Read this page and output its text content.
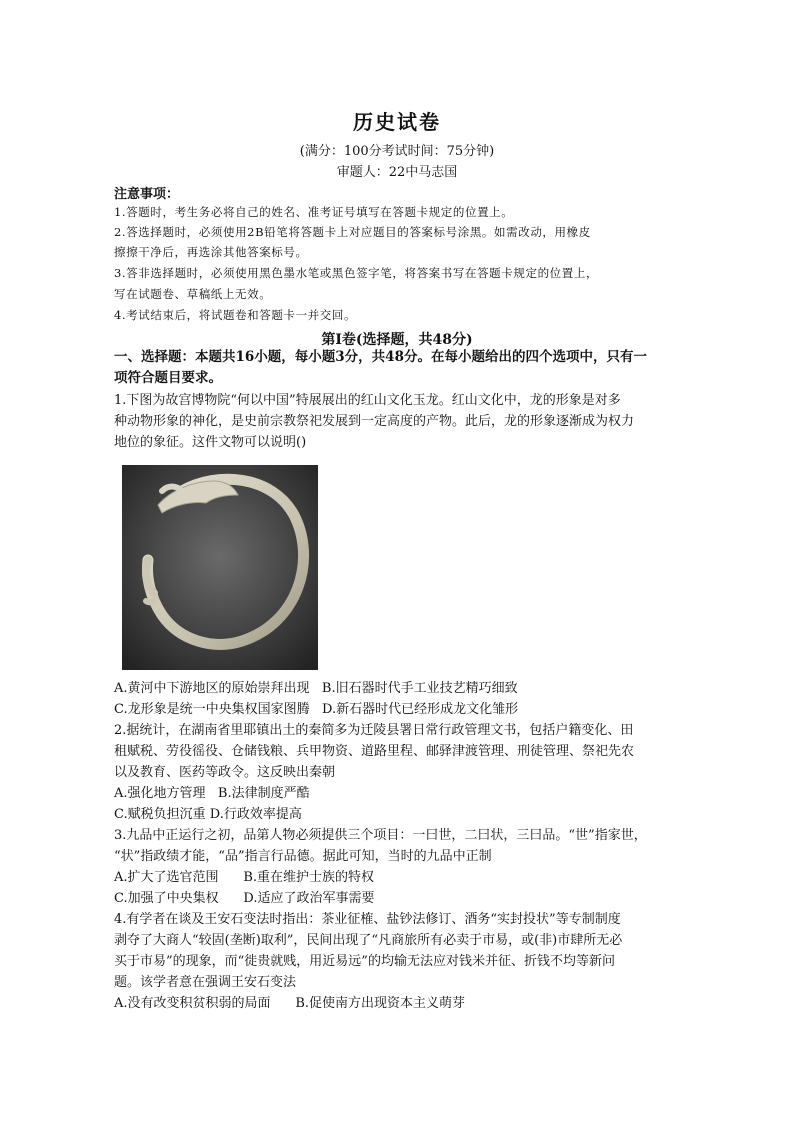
历史试卷
(满分：100分考试时间：75分钟)
审题人：22中马志国
注意事项：
1.答题时，考生务必将自己的姓名、准考证号填写在答题卡规定的位置上。
2.答选择题时，必须使用2B铅笔将答题卡上对应题目的答案标号涂黑。如需改动，用橡皮
擦擦干净后，再选涂其他答案标号。
3.答非选择题时，必须使用黑色墨水笔或黑色签字笔，将答案书写在答题卡规定的位置上，
写在试题卷、草稿纸上无效。
4.考试结束后，将试题卷和答题卡一并交回。
第Ⅰ卷(选择题，共48分)
一、选择题：本题共16小题，每小题3分，共48分。在每小题给出的四个选项中，只有一
项符合题目要求。
1.下图为故宫博物院“何以中国”特展展出的红山文化玉龙。红山文化中，龙的形象是对多
种动物形象的神化，是史前宗教祭祀发展到一定高度的产物。此后，龙的形象逐渐成为权力
地位的象征。这件文物可以说明()
A.黄河中下游地区的原始崇拜出现   B.旧石器时代手工业技艺精巧细致
C.龙形象是统一中央集权国家图腾   D.新石器时代已经形成龙文化雏形
2.据统计，在湖南省里耶镇出土的秦简多为迁陵县署日常行政管理文书，包括户籍变化、田
租赋税、劳役徭役、仓储钱粮、兵甲物资、道路里程、邮驿津渡管理、刑徒管理、祭祀先农
以及教育、医药等政令。这反映出秦朝
A.强化地方管理   B.法律制度严酷
C.赋税负担沉重 D.行政效率提高
3.九品中正运行之初，品第人物必须提供三个项目：一曰世，二曰状，三曰品。“世”指家世，
“状”指政绩才能，“品”指言行品德。据此可知，当时的九品中正制
A.扩大了选官范围      B.重在维护士族的特权
C.加强了中央集权      D.适应了政治军事需要
4.有学者在谈及王安石变法时指出：茶业征榷、盐钞法修订、酒务“实封投状”等专制制度
剥夺了大商人“较固(垄断)取利”，民间出现了“凡商旅所有必卖于市易，或(非)市肆所无必
买于市易”的现象，而“徙贵就贱，用近易远”的均输无法应对钱米并征、折钱不均等新问
题。该学者意在强调王安石变法
A.没有改变积贫积弱的局面      B.促使南方出现资本主义萌芽
